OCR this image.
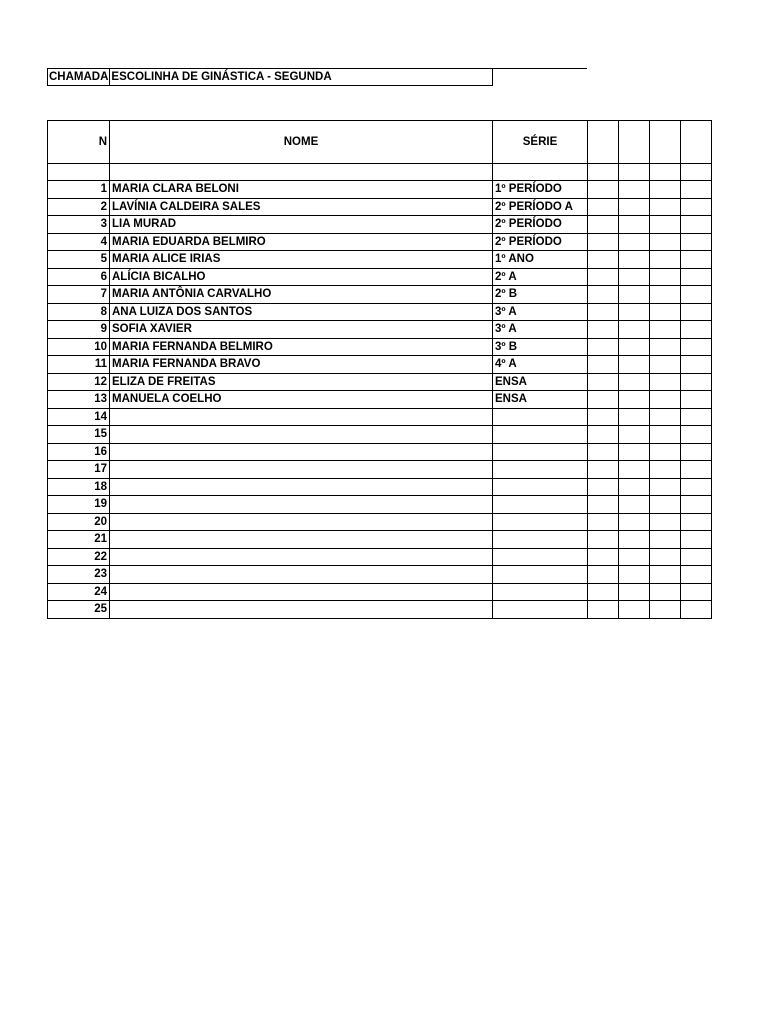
CHAMADA	ESCOLINHA DE GINÁSTICA - SEGUNDA
N	NOME	SÉRIE				

1	MARIA CLARA BELONI	1º PERÍODO				
2	LAVÍNIA CALDEIRA SALES	2º PERÍODO A				
3	LIA MURAD	2º PERÍODO				
4	MARIA EDUARDA BELMIRO	2º PERÍODO				
5	MARIA ALICE IRIAS	1º ANO				
6	ALÍCIA BICALHO	2º A				
7	MARIA ANTÔNIA CARVALHO	2º B				
8	ANA LUIZA DOS SANTOS	3º A				
9	SOFIA XAVIER	3º A				
10	MARIA FERNANDA BELMIRO	3º B				
11	MARIA FERNANDA BRAVO	4º A				
12	ELIZA DE FREITAS	ENSA				
13	MANUELA COELHO	ENSA				
14						
15						
16						
17						
18						
19						
20						
21						
22						
23						
24						
25						
